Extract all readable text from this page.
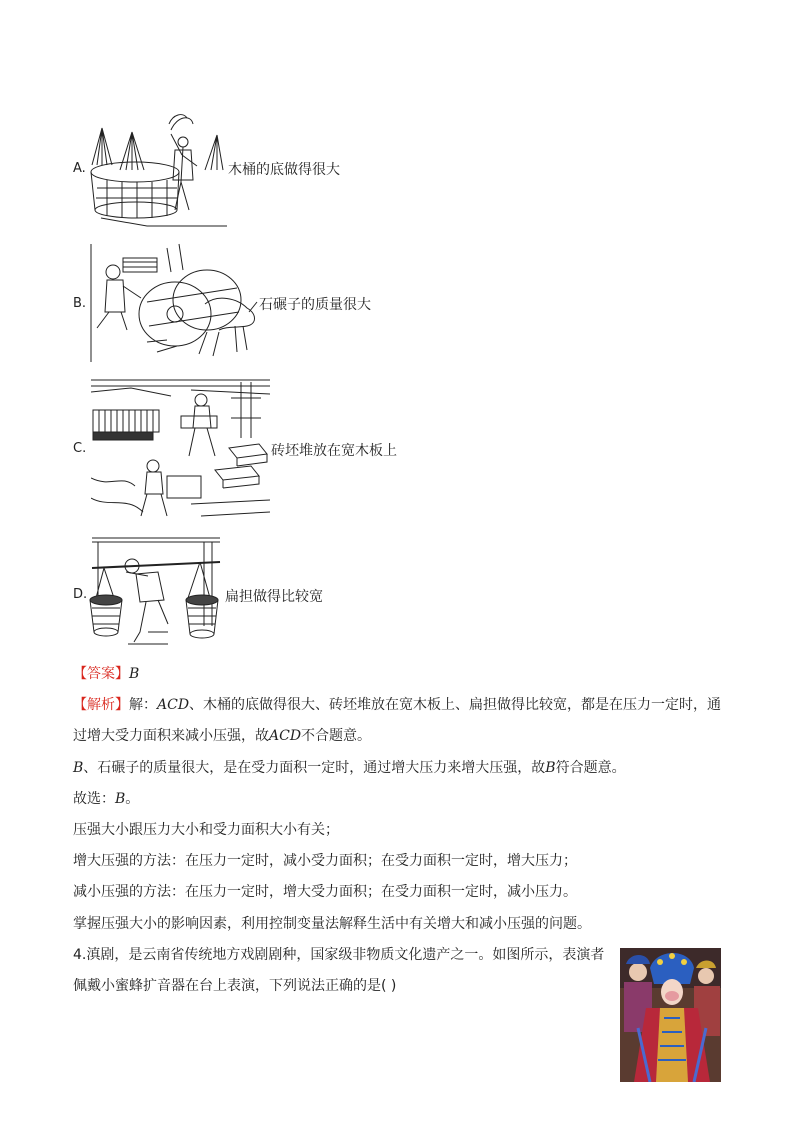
A.	木桶的底做得很大
B.	石碾子的质量很大
C.	砖坯堆放在宽木板上
D.	扁担做得比较宽
【答案】B
【解析】解：ACD、木桶的底做得很大、砖坯堆放在宽木板上、扁担做得比较宽，都是在压力一定时，通
过增大受力面积来减小压强，故ACD不合题意。
B、石碾子的质量很大，是在受力面积一定时，通过增大压力来增大压强，故B符合题意。
故选：B。
压强大小跟压力大小和受力面积大小有关；
增大压强的方法：在压力一定时，减小受力面积；在受力面积一定时，增大压力；
减小压强的方法：在压力一定时，增大受力面积；在受力面积一定时，减小压力。
掌握压强大小的影响因素，利用控制变量法解释生活中有关增大和减小压强的问题。
4.滇剧，是云南省传统地方戏剧剧种，国家级非物质文化遗产之一。如图所示，表演者
佩戴小蜜蜂扩音器在台上表演，下列说法正确的是( )
